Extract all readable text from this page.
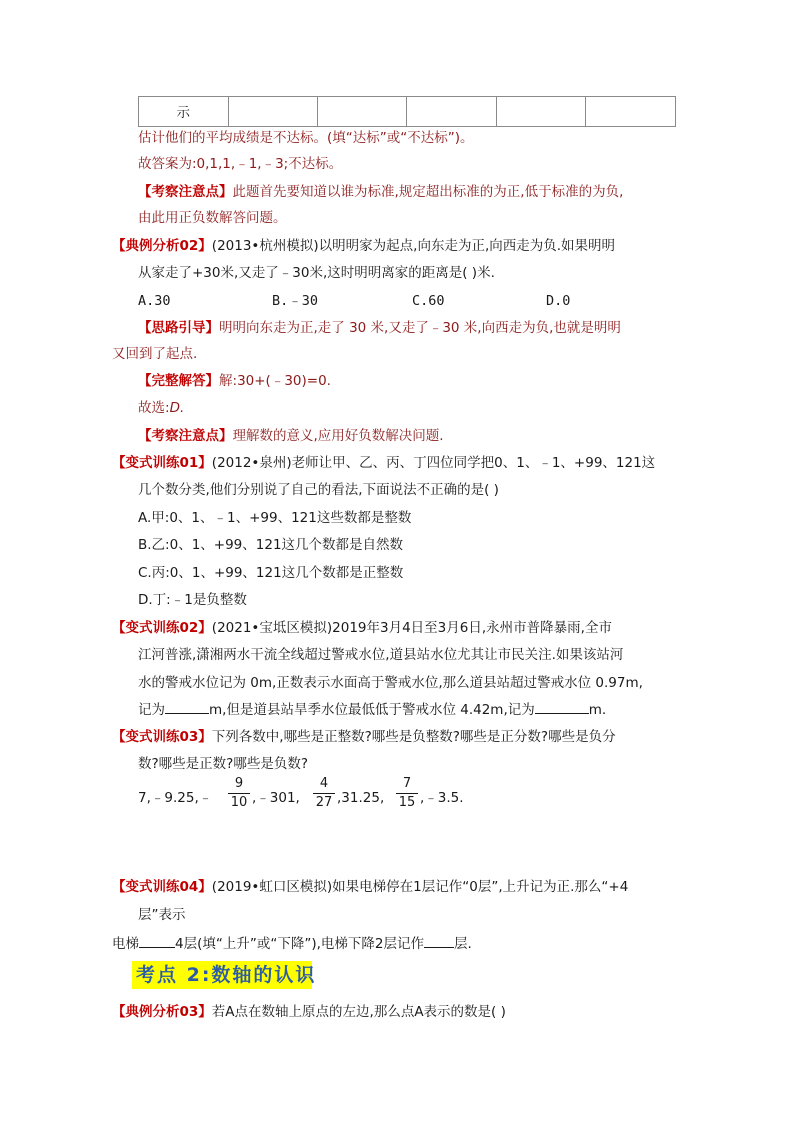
示					
估计他们的平均成绩是不达标。(填“达标”或“不达标”)。
故答案为:0,1,1,﹣1,﹣3;不达标。
【考察注意点】此题首先要知道以谁为标准,规定超出标准的为正,低于标准的为负,
由此用正负数解答问题。
【典例分析02】(2013•杭州模拟)以明明家为起点,向东走为正,向西走为负.如果明明
从家走了+30米,又走了﹣30米,这时明明离家的距离是( )米.
A.30	B.﹣30	C.60	D.0
【思路引导】明明向东走为正,走了 30 米,又走了﹣30 米,向西走为负,也就是明明
又回到了起点.
【完整解答】解:30+(﹣30)=0.
故选:D.
【考察注意点】理解数的意义,应用好负数解决问题.
【变式训练01】(2012•泉州)老师让甲、乙、丙、丁四位同学把0、1、﹣1、+99、121这
几个数分类,他们分别说了自己的看法,下面说法不正确的是( )
A.甲:0、1、﹣1、+99、121这些数都是整数
B.乙:0、1、+99、121这几个数都是自然数
C.丙:0、1、+99、121这几个数都是正整数
D.丁:﹣1是负整数
【变式训练02】(2021•宝坻区模拟)2019年3月4日至3月6日,永州市普降暴雨,全市
江河普涨,潇湘两水干流全线超过警戒水位,道县站水位尤其让市民关注.如果该站河
水的警戒水位记为 0m,正数表示水面高于警戒水位,那么道县站超过警戒水位 0.97m,
记为	m,但是道县站旱季水位最低低于警戒水位 4.42m,记为	m.
【变式训练03】下列各数中,哪些是正整数?哪些是负整数?哪些是正分数?哪些是负分
数?哪些是正数?哪些是负数?
7,﹣9.25,﹣
9
10 ,﹣301,
4
27 ,31.25,
7
15 ,﹣3.5.
【变式训练04】(2019•虹口区模拟)如果电梯停在1层记作“0层”,上升记为正.那么“+4
层”表示
电梯	4层(填“上升”或“下降”),电梯下降2层记作 层.
考点 2:数轴的认识
【典例分析03】若A点在数轴上原点的左边,那么点A表示的数是( )
